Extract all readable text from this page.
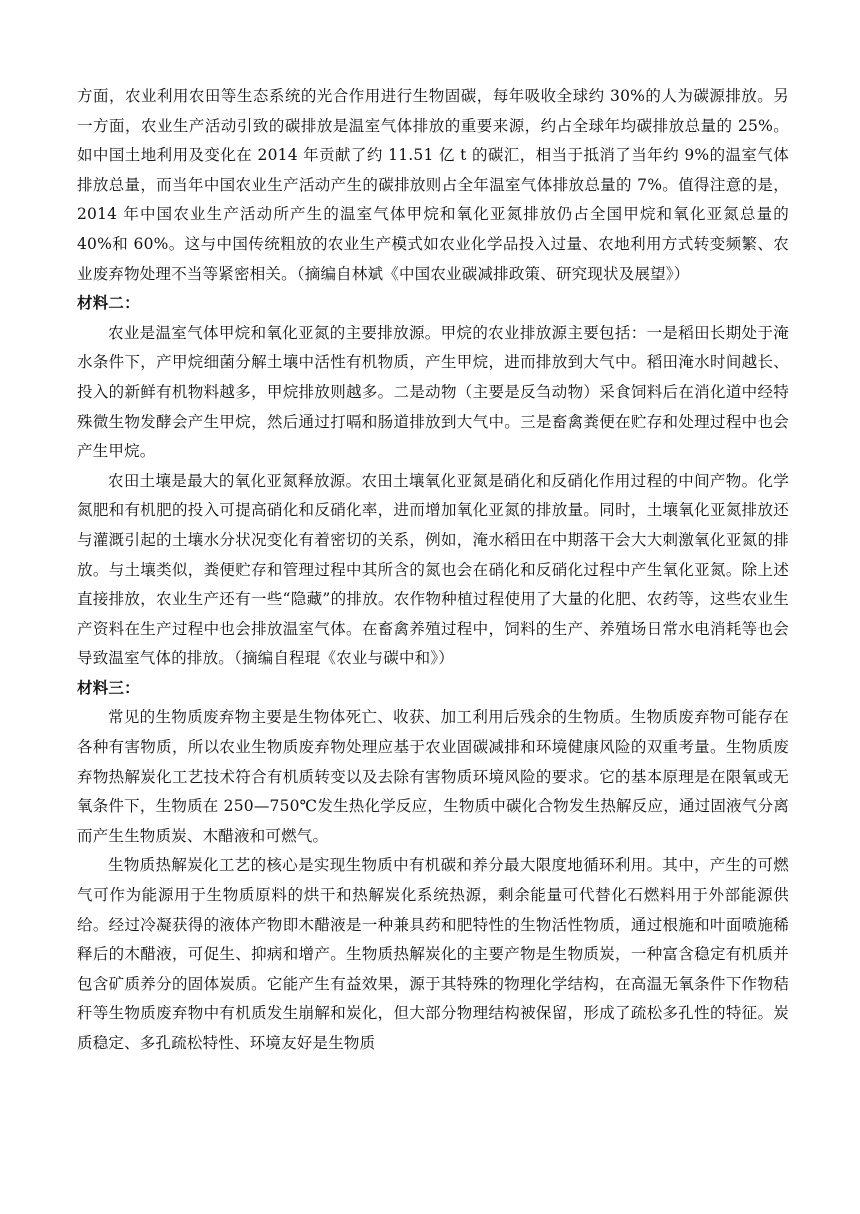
方面，农业利用农田等生态系统的光合作用进行生物固碳，每年吸收全球约 30%的人为碳源排放。另一方面，农业生产活动引致的碳排放是温室气体排放的重要来源，约占全球年均碳排放总量的 25%。如中国土地利用及变化在 2014 年贡献了约 11.51 亿 t 的碳汇，相当于抵消了当年约 9%的温室气体排放总量，而当年中国农业生产活动产生的碳排放则占全年温室气体排放总量的 7%。值得注意的是，2014 年中国农业生产活动所产生的温室气体甲烷和氧化亚氮排放仍占全国甲烷和氧化亚氮总量的 40%和 60%。这与中国传统粗放的农业生产模式如农业化学品投入过量、农地利用方式转变频繁、农业废弃物处理不当等紧密相关。（摘编自林斌《中国农业碳减排政策、研究现状及展望》）

材料二：

农业是温室气体甲烷和氧化亚氮的主要排放源。甲烷的农业排放源主要包括：一是稻田长期处于淹水条件下，产甲烷细菌分解土壤中活性有机物质，产生甲烷，进而排放到大气中。稻田淹水时间越长、投入的新鲜有机物料越多，甲烷排放则越多。二是动物（主要是反刍动物）采食饲料后在消化道中经特殊微生物发酵会产生甲烷，然后通过打嗝和肠道排放到大气中。三是畜禽粪便在贮存和处理过程中也会产生甲烷。

农田土壤是最大的氧化亚氮释放源。农田土壤氧化亚氮是硝化和反硝化作用过程的中间产物。化学氮肥和有机肥的投入可提高硝化和反硝化率，进而增加氧化亚氮的排放量。同时，土壤氧化亚氮排放还与灌溉引起的土壤水分状况变化有着密切的关系，例如，淹水稻田在中期落干会大大刺激氧化亚氮的排放。与土壤类似，粪便贮存和管理过程中其所含的氮也会在硝化和反硝化过程中产生氧化亚氮。除上述直接排放，农业生产还有一些“隐藏”的排放。农作物种植过程使用了大量的化肥、农药等，这些农业生产资料在生产过程中也会排放温室气体。在畜禽养殖过程中，饲料的生产、养殖场日常水电消耗等也会导致温室气体的排放。（摘编自程琨《农业与碳中和》）

材料三：

常见的生物质废弃物主要是生物体死亡、收获、加工利用后残余的生物质。生物质废弃物可能存在各种有害物质，所以农业生物质废弃物处理应基于农业固碳减排和环境健康风险的双重考量。生物质废弃物热解炭化工艺技术符合有机质转变以及去除有害物质环境风险的要求。它的基本原理是在限氧或无氧条件下，生物质在 250—750℃发生热化学反应，生物质中碳化合物发生热解反应，通过固液气分离而产生生物质炭、木醋液和可燃气。

生物质热解炭化工艺的核心是实现生物质中有机碳和养分最大限度地循环利用。其中，产生的可燃气可作为能源用于生物质原料的烘干和热解炭化系统热源，剩余能量可代替化石燃料用于外部能源供给。经过冷凝获得的液体产物即木醋液是一种兼具药和肥特性的生物活性物质，通过根施和叶面喷施稀释后的木醋液，可促生、抑病和增产。生物质热解炭化的主要产物是生物质炭，一种富含稳定有机质并包含矿质养分的固体炭质。它能产生有益效果，源于其特殊的物理化学结构，在高温无氧条件下作物秸秆等生物质废弃物中有机质发生崩解和炭化，但大部分物理结构被保留，形成了疏松多孔性的特征。炭质稳定、多孔疏松特性、环境友好是生物质
